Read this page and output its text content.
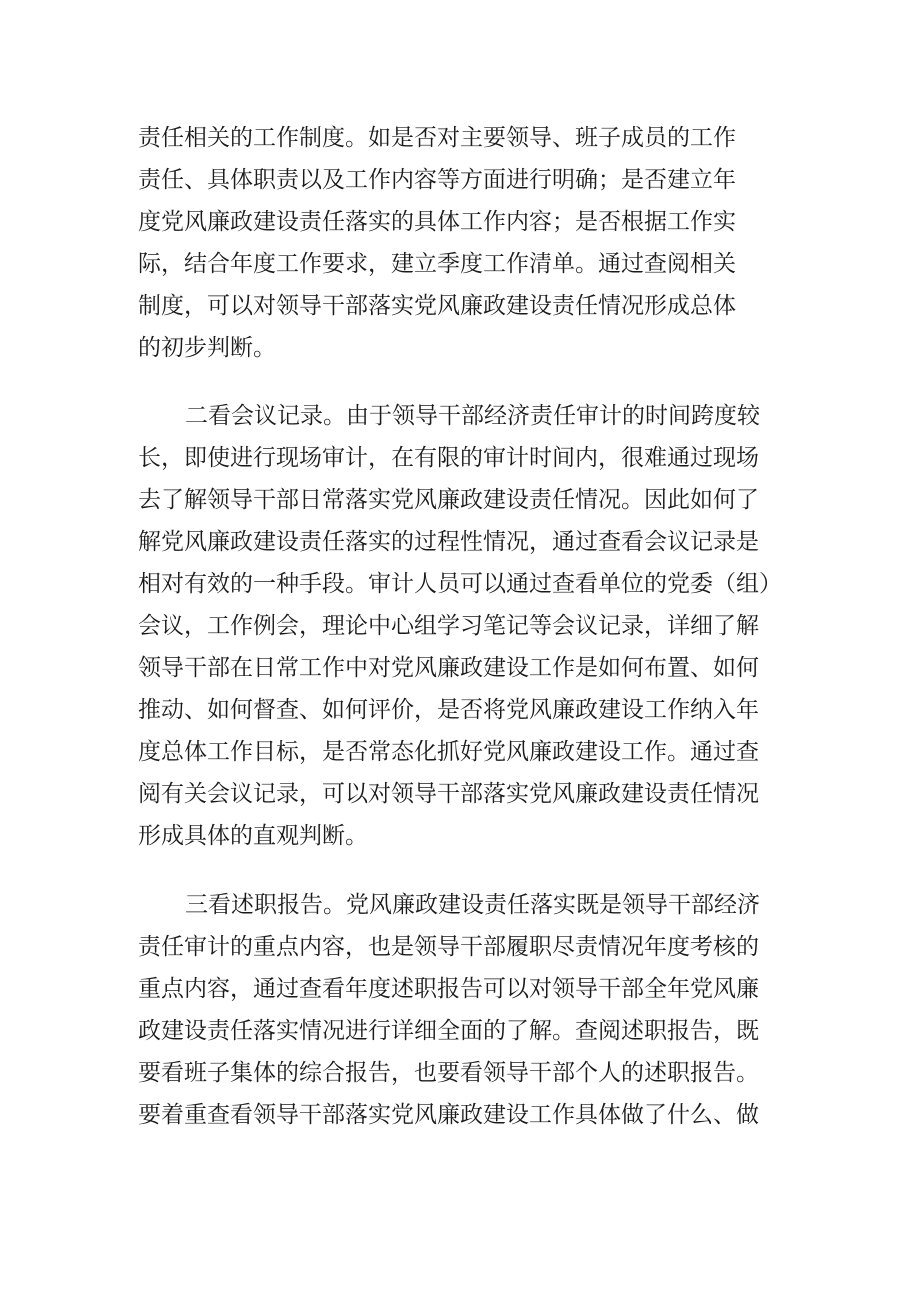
责任相关的工作制度。如是否对主要领导、班子成员的工作
责任、具体职责以及工作内容等方面进行明确；是否建立年
度党风廉政建设责任落实的具体工作内容；是否根据工作实
际，结合年度工作要求，建立季度工作清单。通过查阅相关
制度，可以对领导干部落实党风廉政建设责任情况形成总体
的初步判断。
二看会议记录。由于领导干部经济责任审计的时间跨度较
长，即使进行现场审计，在有限的审计时间内，很难通过现场
去了解领导干部日常落实党风廉政建设责任情况。因此如何了
解党风廉政建设责任落实的过程性情况，通过查看会议记录是
相对有效的一种手段。审计人员可以通过查看单位的党委（组）
会议，工作例会，理论中心组学习笔记等会议记录，详细了解
领导干部在日常工作中对党风廉政建设工作是如何布置、如何
推动、如何督查、如何评价，是否将党风廉政建设工作纳入年
度总体工作目标，是否常态化抓好党风廉政建设工作。通过查
阅有关会议记录，可以对领导干部落实党风廉政建设责任情况
形成具体的直观判断。
三看述职报告。党风廉政建设责任落实既是领导干部经济
责任审计的重点内容，也是领导干部履职尽责情况年度考核的
重点内容，通过查看年度述职报告可以对领导干部全年党风廉
政建设责任落实情况进行详细全面的了解。查阅述职报告，既
要看班子集体的综合报告，也要看领导干部个人的述职报告。
要着重查看领导干部落实党风廉政建设工作具体做了什么、做
